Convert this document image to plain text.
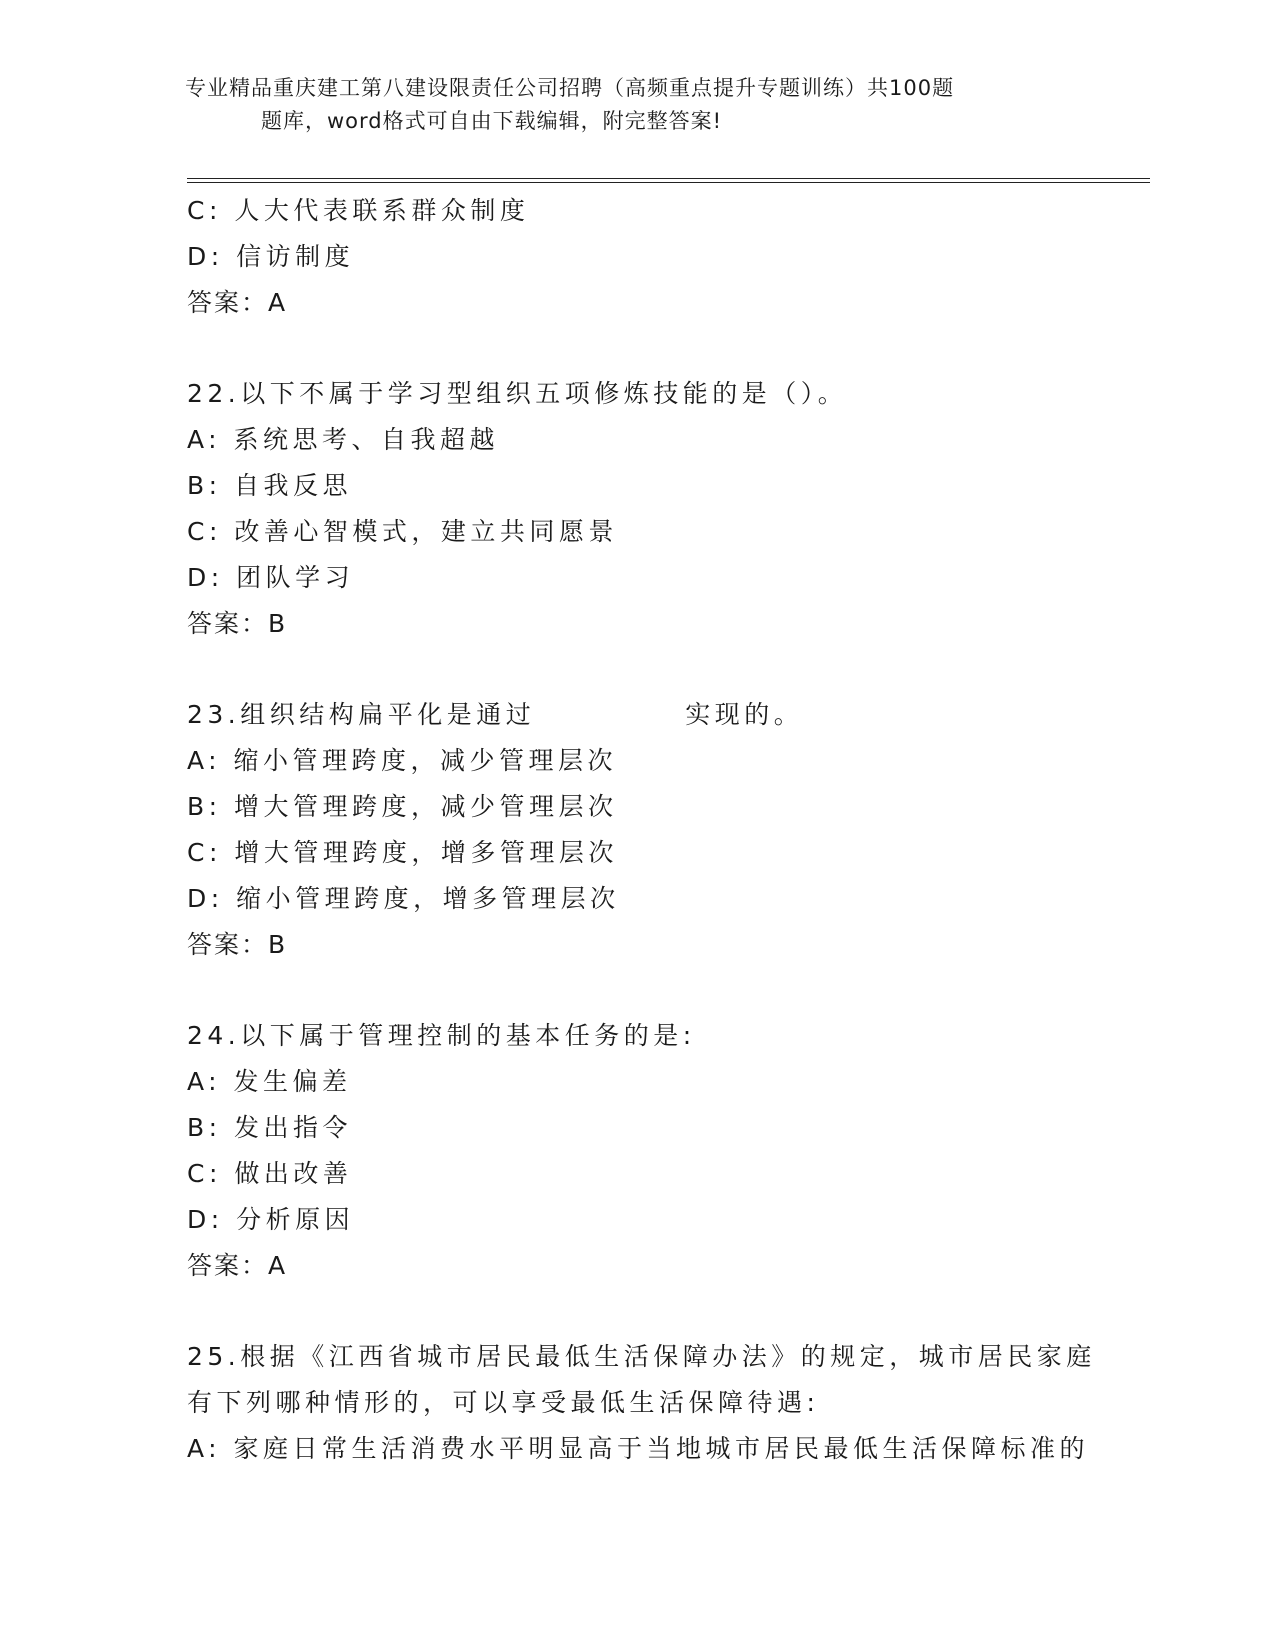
专业精品重庆建工第八建设限责任公司招聘（高频重点提升专题训练）共100题
题库，word格式可自由下载编辑，附完整答案!
C: 人大代表联系群众制度
D: 信访制度
答案：A
22.以下不属于学习型组织五项修炼技能的是（）。
A: 系统思考、自我超越
B: 自我反思
C: 改善心智模式，建立共同愿景
D: 团队学习
答案：B
23.组织结构扁平化是通过	实现的。
A: 缩小管理跨度，减少管理层次
B: 增大管理跨度，减少管理层次
C: 增大管理跨度，增多管理层次
D: 缩小管理跨度，增多管理层次
答案：B
24.以下属于管理控制的基本任务的是:
A: 发生偏差
B: 发出指令
C: 做出改善
D: 分析原因
答案：A
25.根据《江西省城市居民最低生活保障办法》的规定，城市居民家庭
有下列哪种情形的，可以享受最低生活保障待遇:
A: 家庭日常生活消费水平明显高于当地城市居民最低生活保障标准的
